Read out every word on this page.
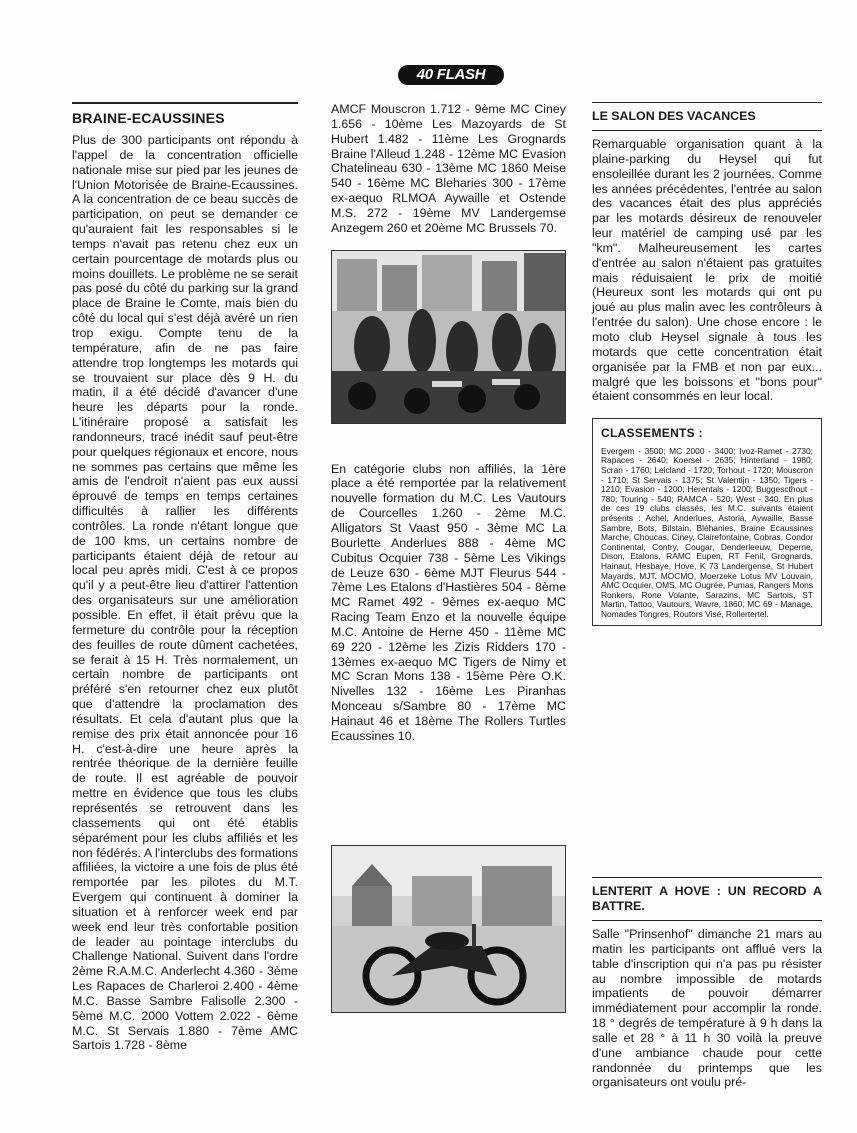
40 FLASH moto
BRAINE-ECAUSSINES

Plus de 300 participants ont répondu à l'appel de la concentration officielle nationale mise sur pied par les jeunes de l'Union Motorisée de Braine-Ecaussines. A la concentration de ce beau succès de participation, on peut se demander ce qu'auraient fait les responsables si le temps n'avait pas retenu chez eux un certain pourcentage de motards plus ou moins douillets. Le problème ne se serait pas posé du côté du parking sur la grand place de Braine le Comte, mais bien du côté du local qui s'est déjà avéré un rien trop exigu. Compte tenu de la température, afin de ne pas faire attendre trop longtemps les motards qui se trouvaient sur place dès 9 H. du matin, il a été décidé d'avancer d'une heure les départs pour la ronde. L'itinéraire proposé a satisfait les randonneurs, tracé inédit sauf peut-être pour quelques régionaux et encore, nous ne sommes pas certains que même les amis de l'endroit n'aient pas eux aussi éprouvé de temps en temps certaines difficultés à rallier les différents contrôles. La ronde n'étant longue que de 100 kms, un certains nombre de participants étaient déjà de retour au local peu après midi. C'est à ce propos qu'il y a peut-être lieu d'attirer l'attention des organisateurs sur une amélioration possible. En effet, il était prévu que la fermeture du contrôle pour la réception des feuilles de route dûment cachetées, se ferait à 15 H. Très normalement, un certain nombre de participants ont préféré s'en retourner chez eux plutôt que d'attendre la proclamation des résultats. Et cela d'autant plus que la remise des prix était annoncée pour 16 H. c'est-à-dire une heure après la rentrée théorique de la dernière feuille de route. Il est agréable de pouvoir mettre en évidence que tous les clubs représentés se retrouvent dans les classements qui ont été établis séparément pour les clubs affiliés et les non fédérés. A l'interclubs des formations affiliées, la victoire a une fois de plus été remportée par les pilotes du M.T. Evergem qui continuent à dominer la situation et à renforcer week end par week end leur très confortable position de leader au pointage interclubs du Challenge National. Suivent dans l'ordre 2ème R.A.M.C. Anderlecht 4.360 - 3ème Les Rapaces de Charleroi 2.400 - 4ème M.C. Basse Sambre Falisolle 2.300 - 5ème M.C. 2000 Vottem 2.022 - 6ème M.C. St Servais 1.880 - 7ème AMC Sartois 1.728 - 8ème

AMCF Mouscron 1.712 - 9ème MC Ciney 1.656 - 10ème Les Mazoyards de St Hubert 1.482 - 11ème Les Grognards Braine l'Alleud 1.248 - 12ème MC Evasion Chatelineau 630 - 13ème MC 1860 Meise 540 - 16ème MC Bleharies 300 - 17ème ex-aequo RLMOA Aywaille et Ostende M.S. 272 - 19ème MV Landergemse Anzegem 260 et 20ème MC Brussels 70.

En catégorie clubs non affiliés, la 1ère place a été remportée par la relativement nouvelle formation du M.C. Les Vautours de Courcelles 1.260 - 2ème M.C. Alligators St Vaast 950 - 3ème MC La Bourlette Anderlues 888 - 4ème MC Cubitus Ocquier 738 - 5ème Les Vikings de Leuze 630 - 6ème MJT Fleurus 544 - 7ème Les Etalons d'Hastières 504 - 8ème MC Ramet 492 - 9èmes ex-aequo MC Racing Team Enzo et la nouvelle équipe M.C. Antoine de Herne 450 - 11ème MC 69 220 - 12ème les Zizis Ridders 170 - 13èmes ex-aequo MC Tigers de Nimy et MC Scran Mons 138 - 15ème Père O.K. Nivelles 132 - 16ème Les Piranhas Monceau s/Sambre 80 - 17ème MC Hainaut 46 et 18ème The Rollers Turtles Ecaussines 10.

LE SALON DES VACANCES

Remarquable organisation quant à la plaine-parking du Heysel qui fut ensoleillée durant les 2 journées. Comme les années précédentes, l'entrée au salon des vacances était des plus appréciés par les motards désireux de renouveler leur matériel de camping usé par les "km". Malheureusement les cartes d'entrée au salon n'étaient pas gratuites mais réduisaient le prix de moitié (Heureux sont les motards qui ont pu joué au plus malin avec les contrôleurs à l'entrée du salon). Une chose encore : le moto club Heysel signale à tous les motards que cette concentration était organisée par la FMB et non par eux... malgré que les boissons et "bons pour" étaient consommés en leur local.

CLASSEMENTS :

Evergem - 3500; MC 2000 - 3400; Ivoz-Ramet - 2730; Rapaces - 2640; Koersel - 2635; Hinterland - 1980; Scran - 1760; Leicland - 1720; Torhout - 1720; Mouscron - 1710; St Servais - 1375; St Valentijn - 1350; Tigers - 1210; Evasion - 1200; Herentals - 1200; Buggescthout - 780; Touring - 540; RAMCA - 520; West - 340. En plus de ces 19 clubs classés, les M.C. suivants étaient présents : Achel, Anderlues, Astoria, Aywaille, Basse Sambre, Bots, Bilstain, Bléhanies, Braine Ecaussines Marche, Choucas, Ciney, Clairefontaine, Cobras, Condor Continental, Contry, Cougar, Denderleeuw, Deperne, Dison, Etalons, RAMC Eupen, RT Fenil, Grognards, Hainaut, Hesbaye, Hove, K 73 Landergense, St Hubert Mayards, MJT, MOCMO, Moerzeke Lotus MV Louvain, AMC Ocquier, OMS, MC Ougrée, Pumas, Rangers Mons Ronkers, Rone Volante, Sarazins, MC Sartois, ST Martin, Tattoo, Vautours, Wavre, 1860, MC 69 - Manage, Nomades Tongres, Routors Visé, Rollertertel.

LENTERIT A HOVE : UN RECORD A BATTRE.

Salle "Prinsenhof" dimanche 21 mars au matin les participants ont afflué vers la table d'inscription qui n'a pas pu résister au nombre impossible de motards impatients de pouvoir démarrer immédiatement pour accomplir la ronde. 18 ° degrés de température à 9 h dans la salle et 28 ° à 11 h 30 voilà la preuve d'une ambiance chaude pour cette randonnée du printemps que les organisateurs ont voulu pré-
